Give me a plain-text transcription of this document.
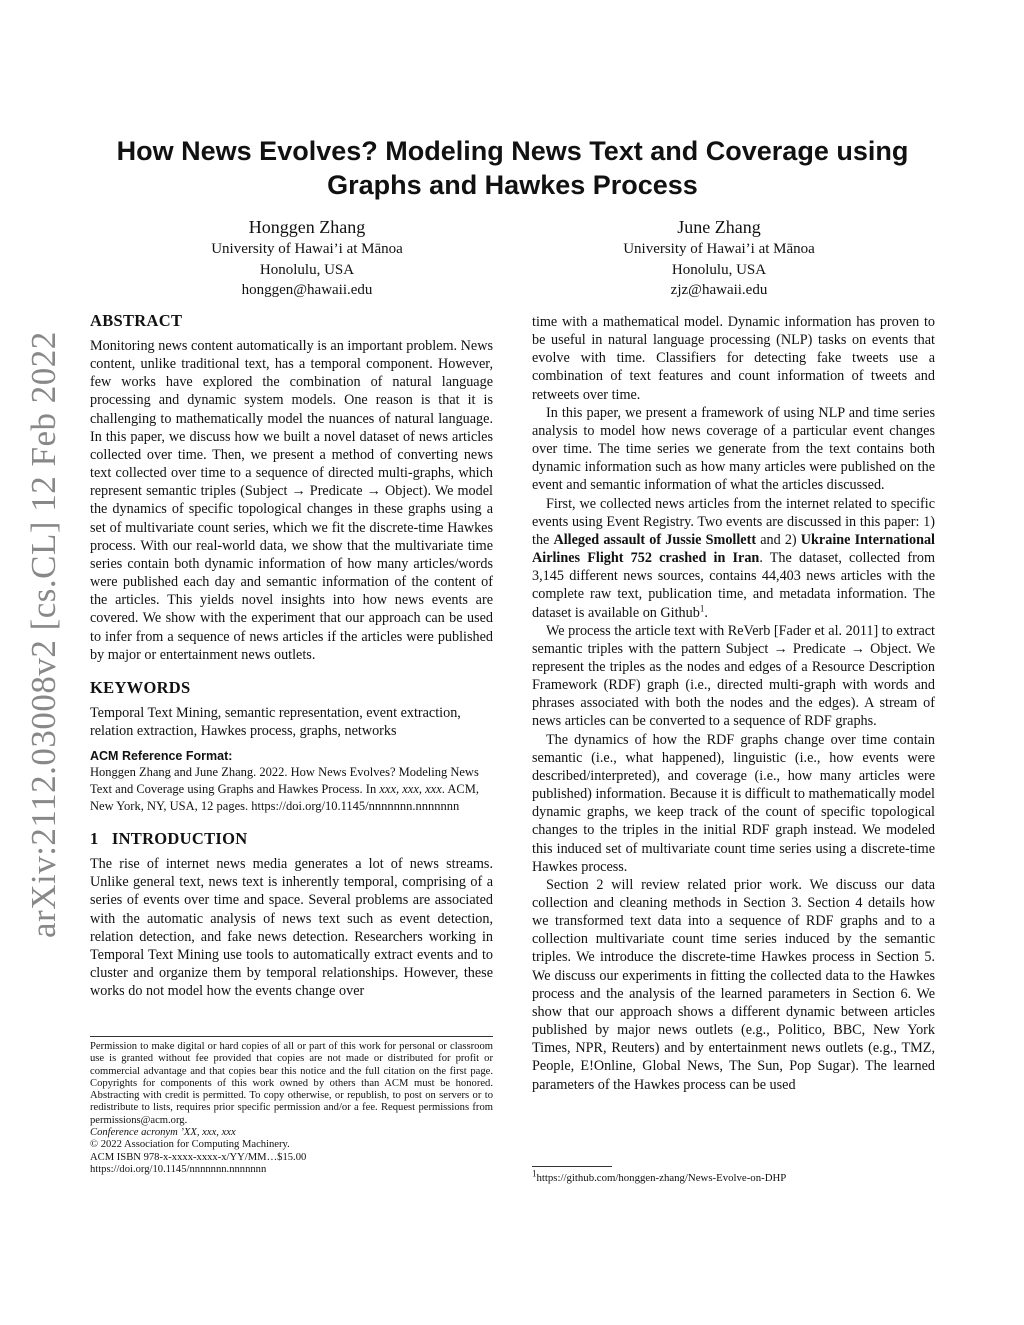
arXiv:2112.03008v2 [cs.CL] 12 Feb 2022
How News Evolves? Modeling News Text and Coverage using
Graphs and Hawkes Process
Honggen Zhang
University of Hawai’i at Mānoa
Honolulu, USA
honggen@hawaii.edu
June Zhang
University of Hawai’i at Mānoa
Honolulu, USA
zjz@hawaii.edu
ABSTRACT

Monitoring news content automatically is an important problem. News content, unlike traditional text, has a temporal component. However, few works have explored the combination of natural language processing and dynamic system models. One reason is that it is challenging to mathematically model the nuances of natural language. In this paper, we discuss how we built a novel dataset of news articles collected over time. Then, we present a method of converting news text collected over time to a sequence of directed multi-graphs, which represent semantic triples (Subject → Predicate → Object). We model the dynamics of specific topological changes in these graphs using a set of multivariate count series, which we fit the discrete-time Hawkes process. With our real-world data, we show that the multivariate time series contain both dynamic information of how many articles/words were published each day and semantic information of the content of the articles. This yields novel insights into how news events are covered. We show with the experiment that our approach can be used to infer from a sequence of news articles if the articles were published by major or entertainment news outlets.

KEYWORDS

Temporal Text Mining, semantic representation, event extraction, relation extraction, Hawkes process, graphs, networks

ACM Reference Format:
Honggen Zhang and June Zhang. 2022. How News Evolves? Modeling News Text and Coverage using Graphs and Hawkes Process. In xxx, xxx, xxx. ACM, New York, NY, USA, 12 pages. https://doi.org/10.1145/nnnnnnn.nnnnnnn
1 INTRODUCTION

The rise of internet news media generates a lot of news streams. Unlike general text, news text is inherently temporal, comprising of a series of events over time and space. Several problems are associated with the automatic analysis of news text such as event detection, relation detection, and fake news detection. Researchers working in Temporal Text Mining use tools to automatically extract events and to cluster and organize them by temporal relationships. However, these works do not model how the events change over

Permission to make digital or hard copies of all or part of this work for personal or classroom use is granted without fee provided that copies are not made or distributed for profit or commercial advantage and that copies bear this notice and the full citation on the first page. Copyrights for components of this work owned by others than ACM must be honored. Abstracting with credit is permitted. To copy otherwise, or republish, to post on servers or to redistribute to lists, requires prior specific permission and/or a fee. Request permissions from permissions@acm.org.

Conference acronym ’XX, xxx, xxx
© 2022 Association for Computing Machinery.
ACM ISBN 978-x-xxxx-xxxx-x/YY/MM…$15.00
https://doi.org/10.1145/nnnnnnn.nnnnnnn

time with a mathematical model. Dynamic information has proven to be useful in natural language processing (NLP) tasks on events that evolve with time. Classifiers for detecting fake tweets use a combination of text features and count information of tweets and retweets over time.

In this paper, we present a framework of using NLP and time series analysis to model how news coverage of a particular event changes over time. The time series we generate from the text contains both dynamic information such as how many articles were published on the event and semantic information of what the articles discussed.

First, we collected news articles from the internet related to specific events using Event Registry. Two events are discussed in this paper: 1) the Alleged assault of Jussie Smollett and 2) Ukraine International Airlines Flight 752 crashed in Iran. The dataset, collected from 3,145 different news sources, contains 44,403 news articles with the complete raw text, publication time, and metadata information. The dataset is available on Github$^1$.

We process the article text with ReVerb [Fader et al. 2011] to extract semantic triples with the pattern Subject → Predicate → Object. We represent the triples as the nodes and edges of a Resource Description Framework (RDF) graph (i.e., directed multi-graph with words and phrases associated with both the nodes and the edges). A stream of news articles can be converted to a sequence of RDF graphs.

The dynamics of how the RDF graphs change over time contain semantic (i.e., what happened), linguistic (i.e., how events were described/interpreted), and coverage (i.e., how many articles were published) information. Because it is difficult to mathematically model dynamic graphs, we keep track of the count of specific topological changes to the triples in the initial RDF graph instead. We modeled this induced set of multivariate count time series using a discrete-time Hawkes process.

Section 2 will review related prior work. We discuss our data collection and cleaning methods in Section 3. Section 4 details how we transformed text data into a sequence of RDF graphs and to a collection multivariate count time series induced by the semantic triples. We introduce the discrete-time Hawkes process in Section 5. We discuss our experiments in fitting the collected data to the Hawkes process and the analysis of the learned parameters in Section 6. We show that our approach shows a different dynamic between articles published by major news outlets (e.g., Politico, BBC, New York Times, NPR, Reuters) and by entertainment news outlets (e.g., TMZ, People, E!Online, Global News, The Sun, Pop Sugar). The learned parameters of the Hawkes process can be used

$^1$https://github.com/honggen-zhang/News-Evolve-on-DHP
